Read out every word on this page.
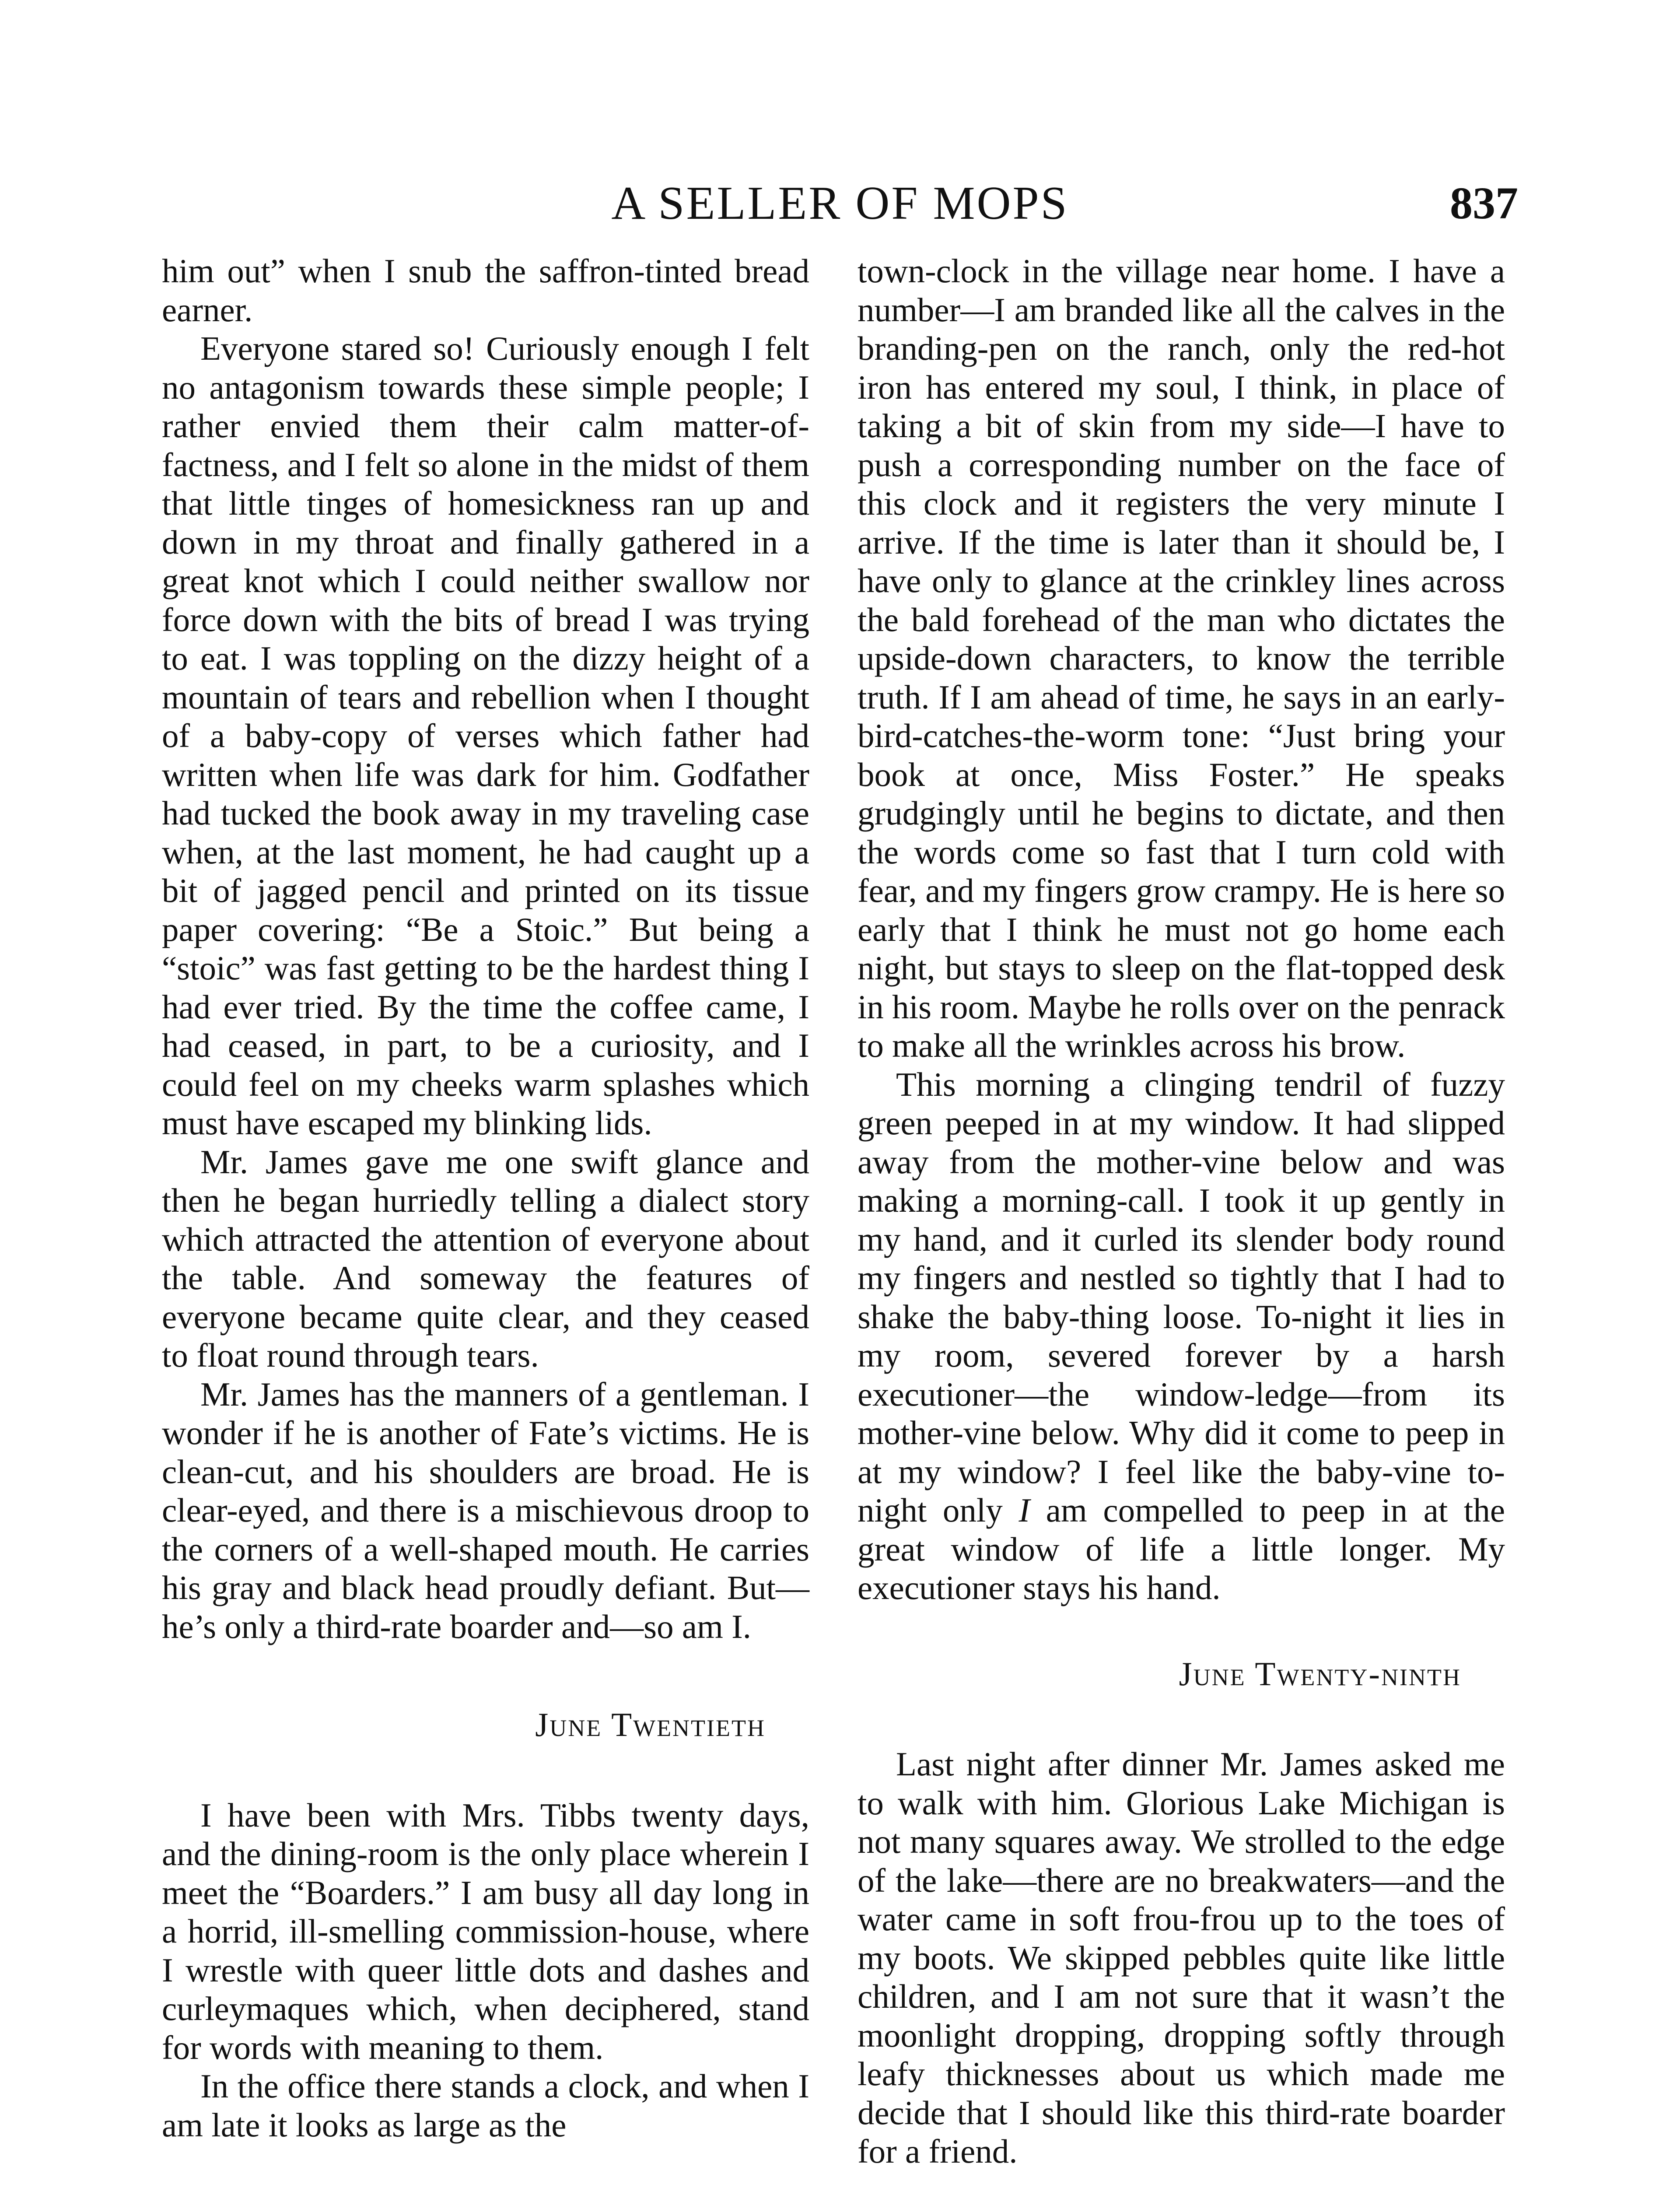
A SELLER OF MOPS	837

him out” when I snub the saffron-tinted bread earner.

Everyone stared so! Curiously enough I felt no antagonism towards these simple people; I rather envied them their calm matter-of-factness, and I felt so alone in the midst of them that little tinges of homesickness ran up and down in my throat and finally gathered in a great knot which I could neither swallow nor force down with the bits of bread I was trying to eat. I was toppling on the dizzy height of a mountain of tears and rebellion when I thought of a baby-copy of verses which father had written when life was dark for him. Godfather had tucked the book away in my traveling case when, at the last moment, he had caught up a bit of jagged pencil and printed on its tissue paper covering: “Be a Stoic.” But being a “stoic” was fast getting to be the hardest thing I had ever tried. By the time the coffee came, I had ceased, in part, to be a curiosity, and I could feel on my cheeks warm splashes which must have escaped my blinking lids.

Mr. James gave me one swift glance and then he began hurriedly telling a dialect story which attracted the attention of everyone about the table. And someway the features of everyone became quite clear, and they ceased to float round through tears.

Mr. James has the manners of a gentleman. I wonder if he is another of Fate’s victims. He is clean-cut, and his shoulders are broad. He is clear-eyed, and there is a mischievous droop to the corners of a well-shaped mouth. He carries his gray and black head proudly defiant. But—he’s only a third-rate boarder and—so am I.

June Twentieth

I have been with Mrs. Tibbs twenty days, and the dining-room is the only place wherein I meet the “Boarders.” I am busy all day long in a horrid, ill-smelling commission-house, where I wrestle with queer little dots and dashes and curleymaques which, when deciphered, stand for words with meaning to them.

In the office there stands a clock, and when I am late it looks as large as the

town-clock in the village near home. I have a number—I am branded like all the calves in the branding-pen on the ranch, only the red-hot iron has entered my soul, I think, in place of taking a bit of skin from my side—I have to push a corresponding number on the face of this clock and it registers the very minute I arrive. If the time is later than it should be, I have only to glance at the crinkley lines across the bald forehead of the man who dictates the upside-down characters, to know the terrible truth. If I am ahead of time, he says in an early-bird-catches-the-worm tone: “Just bring your book at once, Miss Foster.” He speaks grudgingly until he begins to dictate, and then the words come so fast that I turn cold with fear, and my fingers grow crampy. He is here so early that I think he must not go home each night, but stays to sleep on the flat-topped desk in his room. Maybe he rolls over on the penrack to make all the wrinkles across his brow.

This morning a clinging tendril of fuzzy green peeped in at my window. It had slipped away from the mother-vine below and was making a morning-call. I took it up gently in my hand, and it curled its slender body round my fingers and nestled so tightly that I had to shake the baby-thing loose. To-night it lies in my room, severed forever by a harsh executioner—the window-ledge—from its mother-vine below. Why did it come to peep in at my window? I feel like the baby-vine to-night only I am compelled to peep in at the great window of life a little longer. My executioner stays his hand.

June Twenty-ninth

Last night after dinner Mr. James asked me to walk with him. Glorious Lake Michigan is not many squares away. We strolled to the edge of the lake—there are no breakwaters—and the water came in soft frou-frou up to the toes of my boots. We skipped pebbles quite like little children, and I am not sure that it wasn’t the moonlight dropping, dropping softly through leafy thicknesses about us which made me decide that I should like this third-rate boarder for a friend.
